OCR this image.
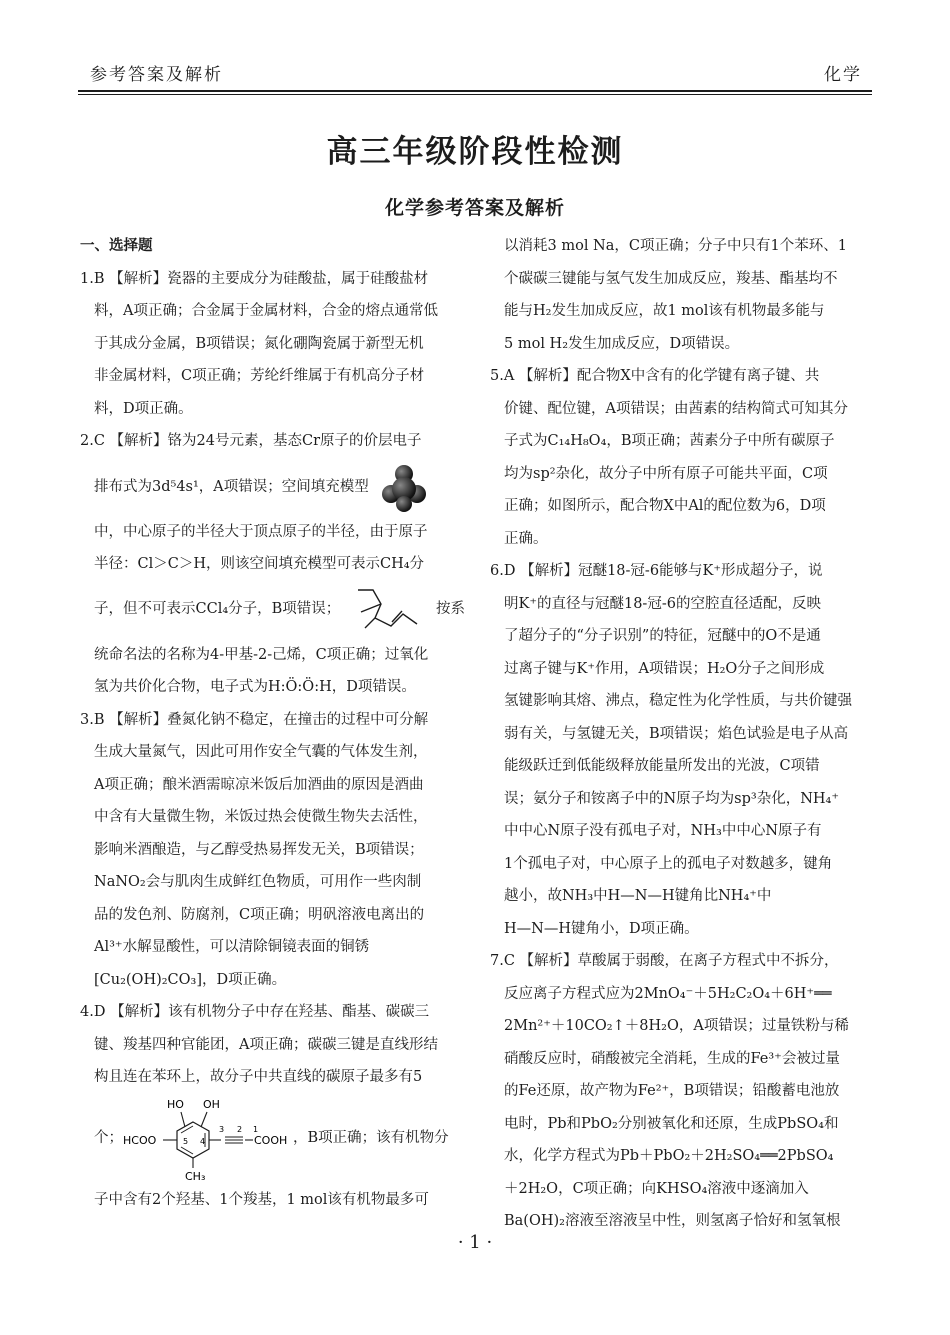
参考答案及解析	化学
高三年级阶段性检测
化学参考答案及解析
一、选择题
1.B 【解析】瓷器的主要成分为硅酸盐，属于硅酸盐材
料，A项正确；合金属于金属材料，合金的熔点通常低
于其成分金属，B项错误；氮化硼陶瓷属于新型无机
非金属材料，C项正确；芳纶纤维属于有机高分子材
料，D项正确。
2.C 【解析】铬为24号元素，基态Cr原子的价层电子
排布式为3d⁵4s¹，A项错误；空间填充模型
中，中心原子的半径大于顶点原子的半径，由于原子
半径：Cl＞C＞H，则该空间填充模型可表示CH₄分
子，但不可表示CCl₄分子，B项错误；	按系
统命名法的名称为4-甲基-2-己烯，C项正确；过氧化
氢为共价化合物，电子式为H:Ö:Ö:H，D项错误。
3.B 【解析】叠氮化钠不稳定，在撞击的过程中可分解
生成大量氮气，因此可用作安全气囊的气体发生剂，
A项正确；酿米酒需晾凉米饭后加酒曲的原因是酒曲
中含有大量微生物，米饭过热会使微生物失去活性，
影响米酒酿造，与乙醇受热易挥发无关，B项错误；
NaNO₂会与肌肉生成鲜红色物质，可用作一些肉制
品的发色剂、防腐剂，C项正确；明矾溶液电离出的
Al³⁺水解显酸性，可以清除铜镜表面的铜锈
[Cu₂(OH)₂CO₃]，D项正确。
4.D 【解析】该有机物分子中存在羟基、酯基、碳碳三
键、羧基四种官能团，A项正确；碳碳三键是直线形结
构且连在苯环上，故分子中共直线的碳原子最多有5
个；
HO OH
HCOO
CH₃
5 4
3 2 1
COOH ，B项正确；该有机物分
子中含有2个羟基、1个羧基，1 mol该有机物最多可
以消耗3 mol Na，C项正确；分子中只有1个苯环、1
个碳碳三键能与氢气发生加成反应，羧基、酯基均不
能与H₂发生加成反应，故1 mol该有机物最多能与
5 mol H₂发生加成反应，D项错误。
5.A 【解析】配合物X中含有的化学键有离子键、共
价键、配位键，A项错误；由茜素的结构简式可知其分
子式为C₁₄H₈O₄，B项正确；茜素分子中所有碳原子
均为sp²杂化，故分子中所有原子可能共平面，C项
正确；如图所示，配合物X中Al的配位数为6，D项
正确。
6.D 【解析】冠醚18-冠-6能够与K⁺形成超分子，说
明K⁺的直径与冠醚18-冠-6的空腔直径适配，反映
了超分子的“分子识别”的特征，冠醚中的O不是通
过离子键与K⁺作用，A项错误；H₂O分子之间形成
氢键影响其熔、沸点，稳定性为化学性质，与共价键强
弱有关，与氢键无关，B项错误；焰色试验是电子从高
能级跃迁到低能级释放能量所发出的光波，C项错
误；氨分子和铵离子中的N原子均为sp³杂化，NH₄⁺
中中心N原子没有孤电子对，NH₃中中心N原子有
1个孤电子对，中心原子上的孤电子对数越多，键角
越小，故NH₃中H—N—H键角比NH₄⁺中
H—N—H键角小，D项正确。
7.C 【解析】草酸属于弱酸，在离子方程式中不拆分，
反应离子方程式应为2MnO₄⁻＋5H₂C₂O₄＋6H⁺══
2Mn²⁺＋10CO₂↑＋8H₂O，A项错误；过量铁粉与稀
硝酸反应时，硝酸被完全消耗，生成的Fe³⁺会被过量
的Fe还原，故产物为Fe²⁺，B项错误；铅酸蓄电池放
电时，Pb和PbO₂分别被氧化和还原，生成PbSO₄和
水，化学方程式为Pb＋PbO₂＋2H₂SO₄══2PbSO₄
＋2H₂O，C项正确；向KHSO₄溶液中逐滴加入
Ba(OH)₂溶液至溶液呈中性，则氢离子恰好和氢氧根
· 1 ·
